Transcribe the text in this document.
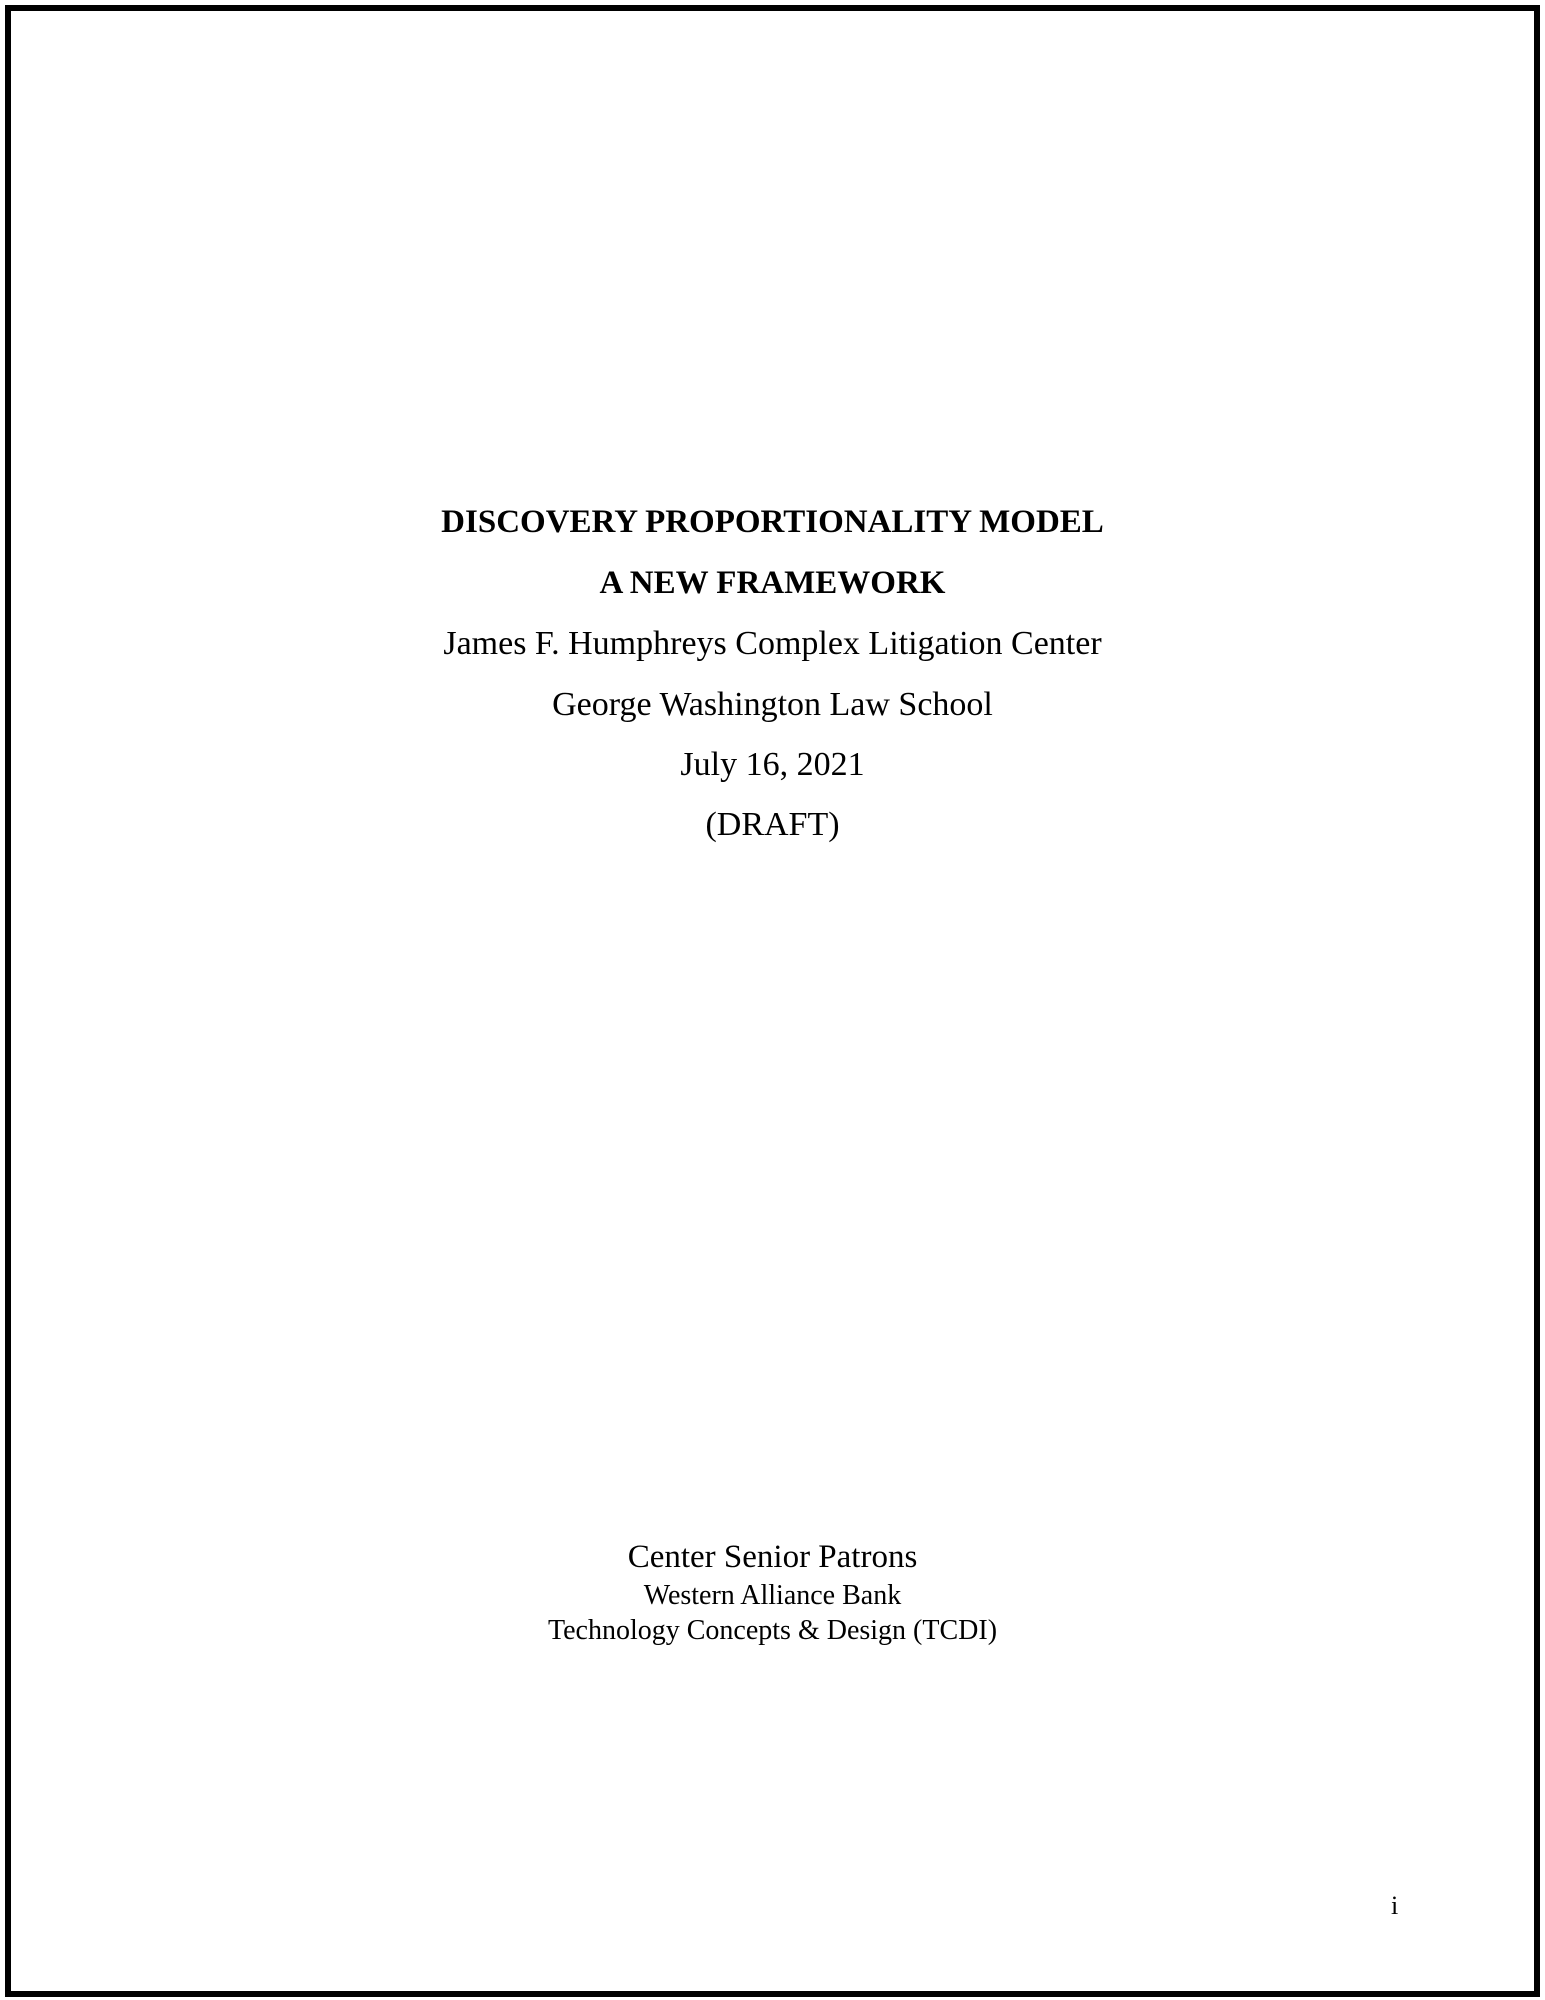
DISCOVERY PROPORTIONALITY MODEL
A NEW FRAMEWORK
James F. Humphreys Complex Litigation Center
George Washington Law School
July 16, 2021
(DRAFT)
Center Senior Patrons
Western Alliance Bank
Technology Concepts & Design (TCDI)
i
